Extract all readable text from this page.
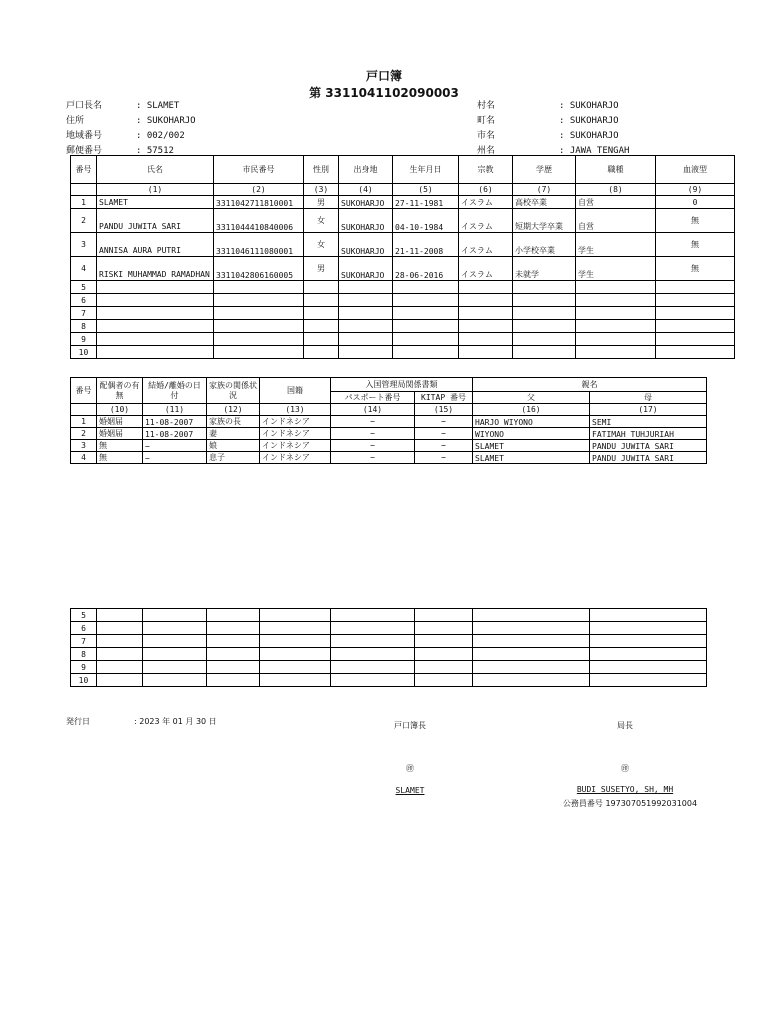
戸口簿
第 3311041102090003
戸口長名	: SLAMET
住所	: SUKOHARJO
地域番号	: 002/002
郵便番号	: 57512
村名	: SUKOHARJO
町名	: SUKOHARJO
市名	: SUKOHARJO
州名	: JAWA TENGAH
番号	氏名	市民番号	性別	出身地	生年月日	宗教	学歴	職種	血液型
	(1)	(2)	(3)	(4)	(5)	(6)	(7)	(8)	(9)
1	SLAMET	3311042711810001	男	SUKOHARJO	27-11-1981	イスラム	高校卒業	自営	0
2	PANDU JUWITA SARI	3311044410840006	女	SUKOHARJO	04-10-1984	イスラム	短期大学卒業	自営	無
3	ANNISA AURA PUTRI	3311046111080001	女	SUKOHARJO	21-11-2008	イスラム	小学校卒業	学生	無
4	RISKI MUHAMMAD RAMADHAN	3311042806160005	男	SUKOHARJO	28-06-2016	イスラム	未就学	学生	無
5									
6									
7									
8									
9									
10									
番号	配偶者の有無	結婚/離婚の日付	家族の関係状況	国籍	入国管理局関係書類		親名	
					パスポート番号	KITAP 番号	父	母
	(10)	(11)	(12)	(13)	(14)	(15)	(16)	(17)
1	婚姻届	11-08-2007	家族の長	インドネシア	−	−	HARJO WIYONO	SEMI
2	婚姻届	11-08-2007	妻	インドネシア	−	−	WIYONO	FATIMAH TUHJURIAH
3	無	−	娘	インドネシア	−	−	SLAMET	PANDU JUWITA SARI
4	無	−	息子	インドネシア	−	−	SLAMET	PANDU JUWITA SARI
5								
6								
7								
8								
9								
10								
発行日	: 2023 年 01 月 30 日	戸口簿長
㊞
SLAMET
局長
㊞
BUDI SUSETYO, SH, MH
公務員番号 197307051992031004
